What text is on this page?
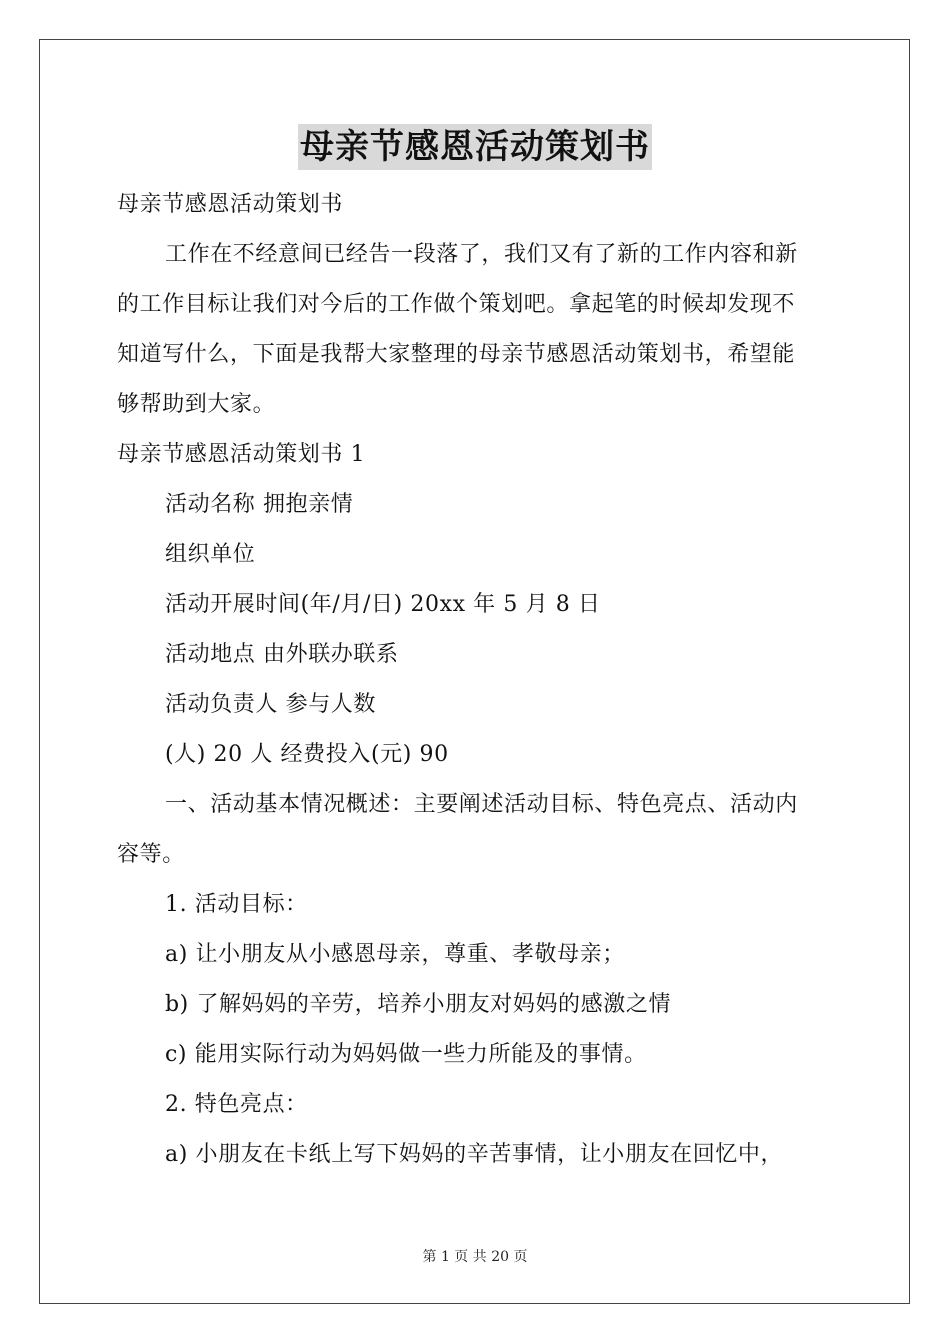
母亲节感恩活动策划书
母亲节感恩活动策划书
工作在不经意间已经告一段落了，我们又有了新的工作内容和新
的工作目标让我们对今后的工作做个策划吧。拿起笔的时候却发现不
知道写什么，下面是我帮大家整理的母亲节感恩活动策划书，希望能
够帮助到大家。
母亲节感恩活动策划书 1
活动名称 拥抱亲情
组织单位
活动开展时间(年/月/日) 20xx 年 5 月 8 日
活动地点 由外联办联系
活动负责人 参与人数
(人) 20 人 经费投入(元) 90
一、活动基本情况概述：主要阐述活动目标、特色亮点、活动内
容等。
1. 活动目标：
a) 让小朋友从小感恩母亲，尊重、孝敬母亲；
b) 了解妈妈的辛劳，培养小朋友对妈妈的感激之情
c) 能用实际行动为妈妈做一些力所能及的事情。
2. 特色亮点：
a) 小朋友在卡纸上写下妈妈的辛苦事情，让小朋友在回忆中，
第 1 页 共 20 页
